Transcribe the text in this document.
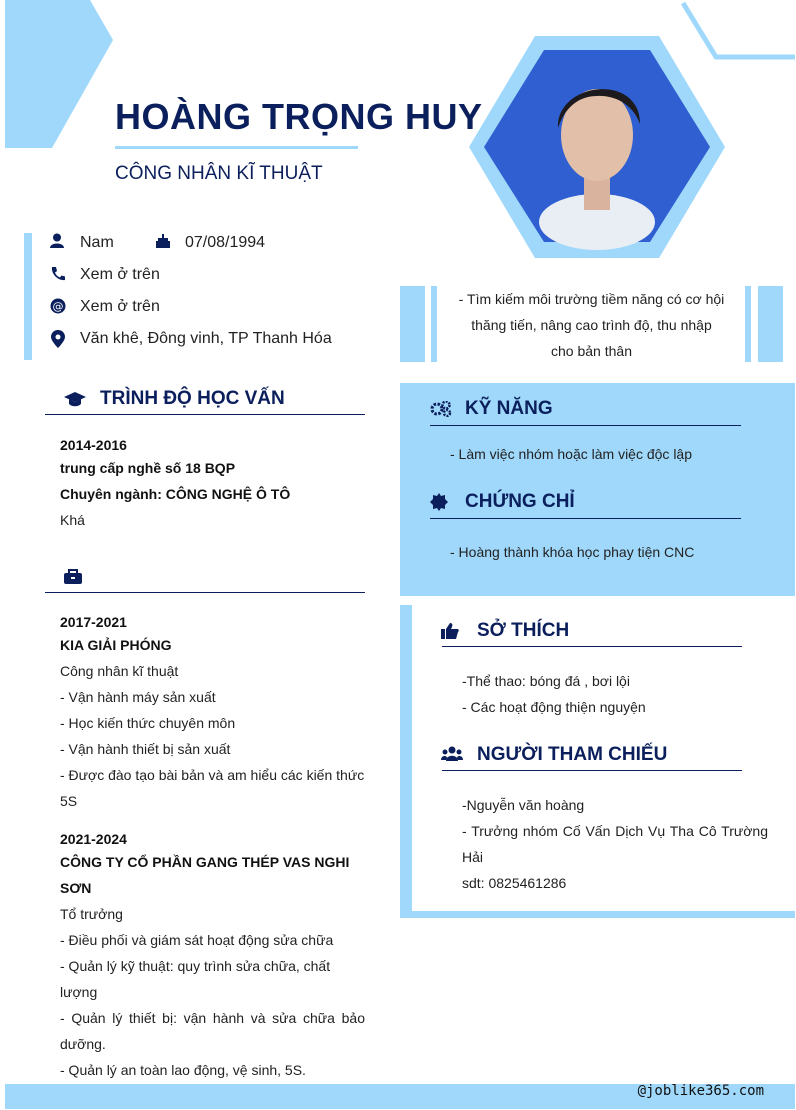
HOÀNG TRỌNG HUY
CÔNG NHÂN KĨ THUẬT
Nam	07/08/1994
Xem ở trên
@ Xem ở trên
Văn khê, Đông vinh, TP Thanh Hóa
- Tìm kiếm môi trường tiềm năng có cơ hội
thăng tiến, nâng cao trình độ, thu nhập
cho bản thân
TRÌNH ĐỘ HỌC VẤN
2014-2016
trung cấp nghề số 18 BQP
Chuyên ngành: CÔNG NGHỆ Ô TÔ
Khá
2017-2021
KIA GIẢI PHÓNG
Công nhân kĩ thuật
- Vận hành máy sản xuất
- Học kiến thức chuyên môn
- Vận hành thiết bị sản xuất
- Được đào tạo bài bản và am hiểu các kiến thức 5S
2021-2024
CÔNG TY CỔ PHẦN GANG THÉP VAS NGHI SƠN
Tổ trưởng
- Điều phối và giám sát hoạt động sửa chữa
- Quản lý kỹ thuật: quy trình sửa chữa, chất lượng
- Quản lý thiết bị: vận hành và sửa chữa bảo dưỡng.
- Quản lý an toàn lao động, vệ sinh, 5S.
KỸ NĂNG
- Làm việc nhóm hoặc làm việc độc lập
CHỨNG CHỈ
- Hoàng thành khóa học phay tiện CNC
SỞ THÍCH
-Thể thao: bóng đá , bơi lội
- Các hoạt động thiện nguyện
NGƯỜI THAM CHIẾU
-Nguyễn văn hoàng
- Trưởng nhóm Cố Vấn Dịch Vụ Tha Cô Trường Hải
sdt: 0825461286
@joblike365.com
